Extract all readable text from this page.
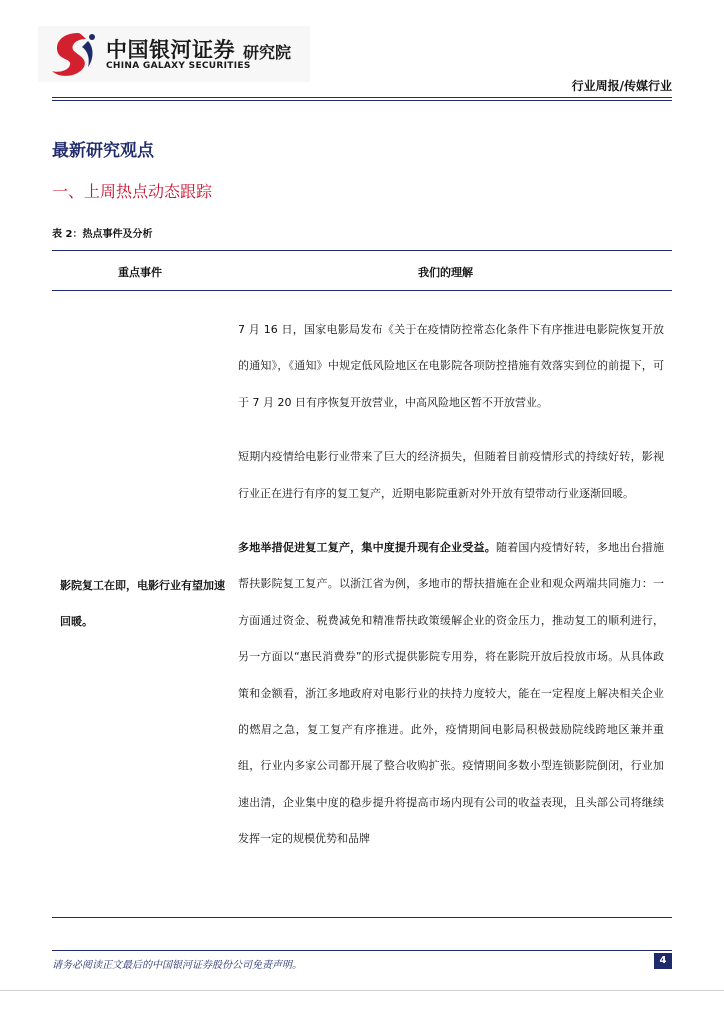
中国银河证券
CHINA GALAXY SECURITIES
研究院
行业周报/传媒行业
最新研究观点
一、上周热点动态跟踪
表 2：热点事件及分析
重点事件	我们的理解
影院复工在即，电影行业有望加速回暖。

7 月 16 日，国家电影局发布《关于在疫情防控常态化条件下有序推进电影院恢复开放的通知》，《通知》中规定低风险地区在电影院各项防控措施有效落实到位的前提下，可于 7 月 20 日有序恢复开放营业，中高风险地区暂不开放营业。

短期内疫情给电影行业带来了巨大的经济损失，但随着目前疫情形式的持续好转，影视行业正在进行有序的复工复产，近期电影院重新对外开放有望带动行业逐渐回暖。

多地举措促进复工复产，集中度提升现有企业受益。随着国内疫情好转，多地出台措施帮扶影院复工复产。以浙江省为例，多地市的帮扶措施在企业和观众两端共同施力：一方面通过资金、税费减免和精准帮扶政策缓解企业的资金压力，推动复工的顺利进行，另一方面以“惠民消费券”的形式提供影院专用券，将在影院开放后投放市场。从具体政策和金额看，浙江多地政府对电影行业的扶持力度较大，能在一定程度上解决相关企业的燃眉之急，复工复产有序推进。此外，疫情期间电影局积极鼓励院线跨地区兼并重组，行业内多家公司都开展了整合收购扩张。疫情期间多数小型连锁影院倒闭，行业加速出清，企业集中度的稳步提升将提高市场内现有公司的收益表现，且头部公司将继续发挥一定的规模优势和品牌

请务必阅读正文最后的中国银河证券股份公司免责声明。	4
